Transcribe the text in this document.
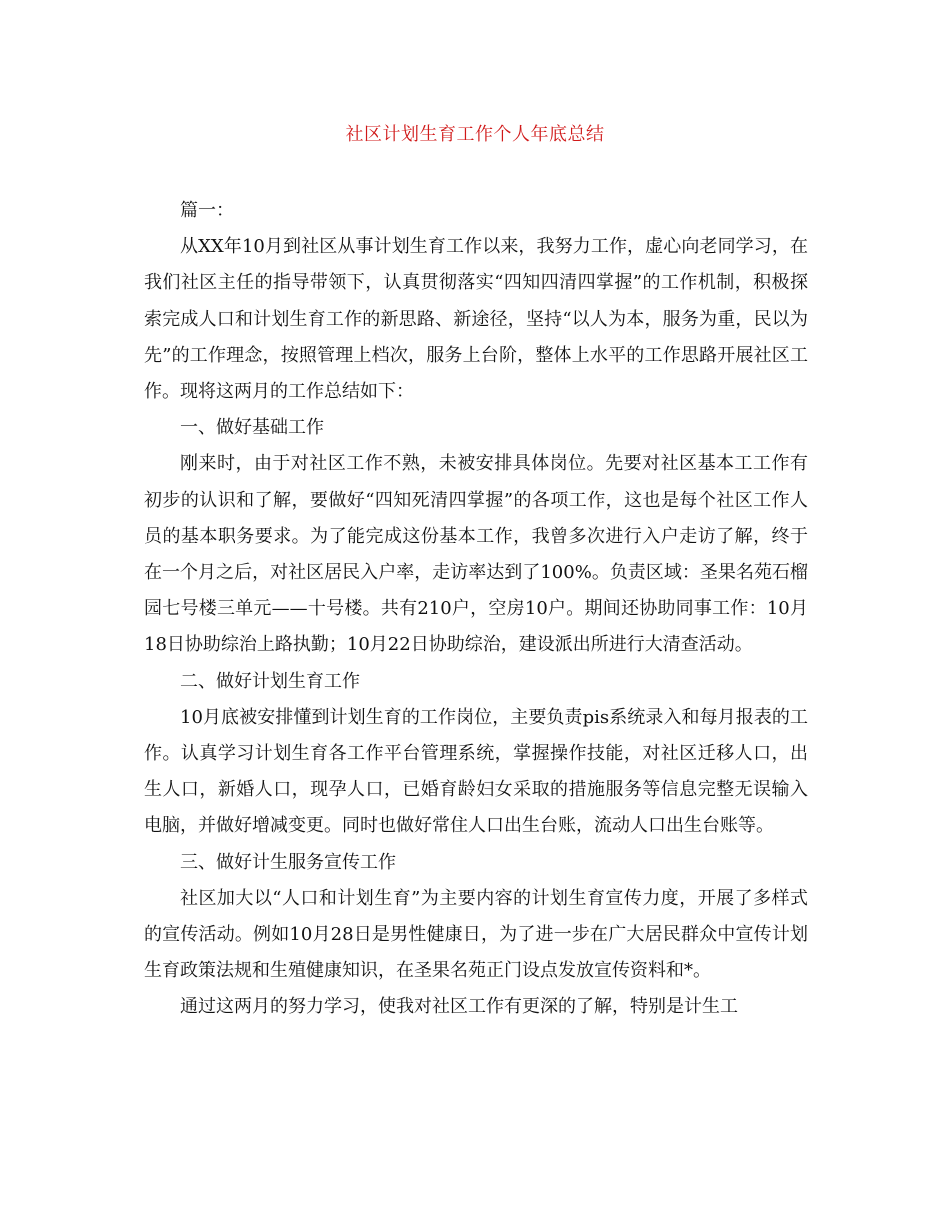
社区计划生育工作个人年底总结

篇一：

从XX年10月到社区从事计划生育工作以来，我努力工作，虚心向老同学习，在我们社区主任的指导带领下，认真贯彻落实“四知四清四掌握”的工作机制，积极探索完成人口和计划生育工作的新思路、新途径，坚持“以人为本，服务为重，民以为先”的工作理念，按照管理上档次，服务上台阶，整体上水平的工作思路开展社区工作。现将这两月的工作总结如下：

一、做好基础工作

刚来时，由于对社区工作不熟，未被安排具体岗位。先要对社区基本工工作有初步的认识和了解，要做好“四知死清四掌握”的各项工作，这也是每个社区工作人员的基本职务要求。为了能完成这份基本工作，我曾多次进行入户走访了解，终于在一个月之后，对社区居民入户率，走访率达到了100%。负责区域：圣果名苑石榴园七号楼三单元——十号楼。共有210户，空房10户。期间还协助同事工作：10月18日协助综治上路执勤；10月22日协助综治，建设派出所进行大清查活动。

二、做好计划生育工作

10月底被安排懂到计划生育的工作岗位，主要负责pis系统录入和每月报表的工作。认真学习计划生育各工作平台管理系统，掌握操作技能，对社区迁移人口，出生人口，新婚人口，现孕人口，已婚育龄妇女采取的措施服务等信息完整无误输入电脑，并做好增减变更。同时也做好常住人口出生台账，流动人口出生台账等。

三、做好计生服务宣传工作

社区加大以“人口和计划生育”为主要内容的计划生育宣传力度，开展了多样式的宣传活动。例如10月28日是男性健康日，为了进一步在广大居民群众中宣传计划生育政策法规和生殖健康知识，在圣果名苑正门设点发放宣传资料和*。

通过这两月的努力学习，使我对社区工作有更深的了解，特别是计生工
